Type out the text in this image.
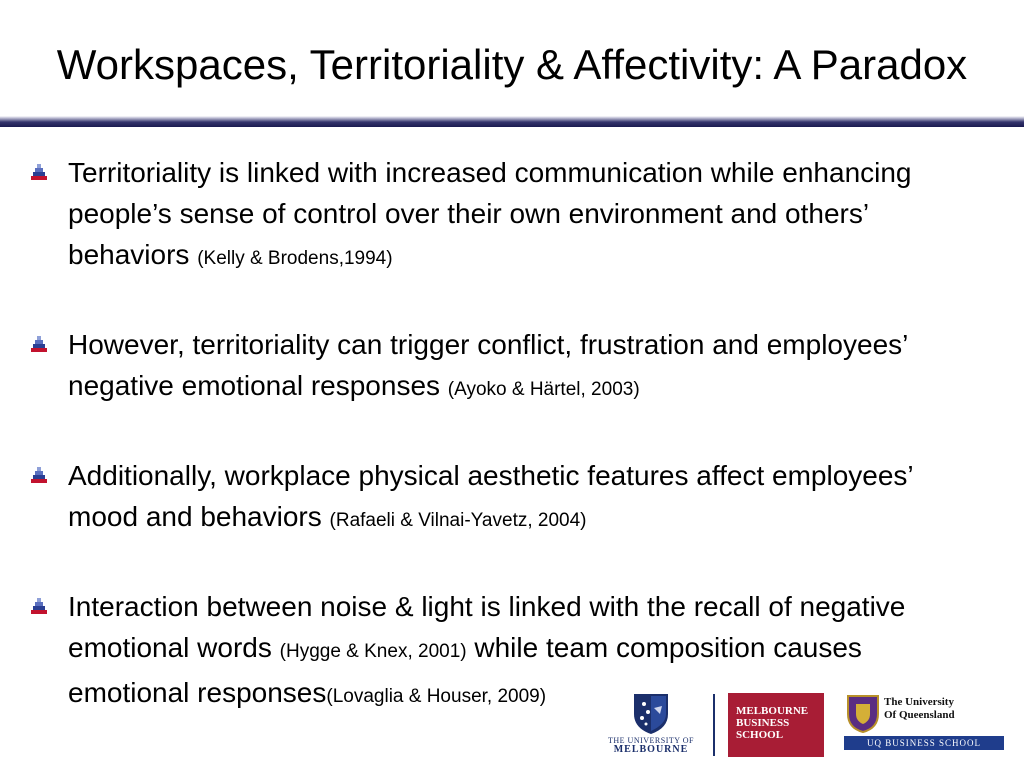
Workspaces, Territoriality & Affectivity: A Paradox
Territoriality is linked with increased communication while enhancing people’s sense of control over their own environment and others’ behaviors (Kelly & Brodens,1994)
However, territoriality can trigger conflict, frustration and employees’ negative emotional responses (Ayoko & Härtel, 2003)
Additionally, workplace physical aesthetic features affect employees’ mood and behaviors (Rafaeli & Vilnai-Yavetz, 2004)
Interaction between noise & light is linked with the recall of negative emotional words (Hygge & Knex, 2001) while team composition causes emotional responses(Lovaglia & Houser, 2009)
THE UNIVERSITY OF
MELBOURNE
MELBOURNE
BUSINESS
SCHOOL
The University
Of Queensland
UQ BUSINESS SCHOOL
